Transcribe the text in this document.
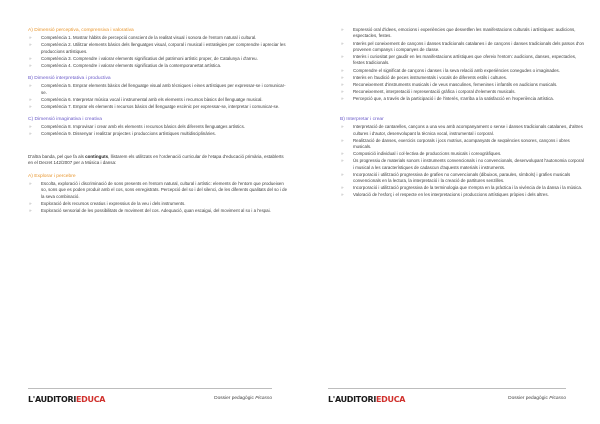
A) Dimensió perceptiva, comprensiva i valorativa
» Competència 1. Mostrar hàbits de percepció conscient de la realitat visual i sonora de l'entorn natural i cultural.
» Competència 2. Utilitzar elements bàsics dels llenguatges visual, corporal i musical i estratègies per comprendre i apreciar les produccions artístiques.
» Competència 3. Comprendre i valorar elements significatius del patrimoni artístic proper, de Catalunya i d'arreu.
» Competència 4. Comprendre i valorar elements significatius de la contemporaneïtat artística.
B) Dimensió interpretativa i productiva
» Competència 5. Emprar elements bàsics del llenguatge visual amb tècniques i eines artístiques per expressar-se i comunicar-se.
» Competència 6. Interpretar música vocal i instrumental amb els elements i recursos bàsics del llenguatge musical.
» Competència 7. Emprar els elements i recursos bàsics del llenguatge escènic per expressar-se, interpretar i comunicar-se.
C) Dimensió imaginativa i creativa
» Competència 8. Improvisar i crear amb els elements i recursos bàsics dels diferents llenguatges artístics.
» Competència 9. Dissenyar i realitzar projectes i produccions artístiques multidisciplinàries.
D'altra banda, pel que fa als continguts, llistarem els utilitzats en l'ordenació curricular de l'etapa d'educació primària, establerts en el Decret 142/2007 per a Música i dansa:
A) Explorar i percebre
» Escolta, exploració i discriminació de sons presents en l'entorn natural, cultural i artístic: elements de l'entorn que produeixen so, sons que es poden produir amb el cos, sons enregistrats. Percepció del so i del silenci, de les diferents qualitats del so i de la seva combinació.
» Exploració dels recursos creatius i expressius de la veu i dels instruments.
» Exploració sensorial de les possibilitats de moviment del cos. Adequació, quan escaigui, del moviment al so i a l'espai.
L'AUDITORIEDUCA	Dossier pedagògic Picasso
» Expressió oral d'idees, emocions i experiències que desvetllen les manifestacions culturals i artístiques: audicions, espectacles, festes.
» Interès pel coneixement de cançons i danses tradicionals catalanes i de cançons i danses tradicionals dels països d'on provenen companys i companyes de classe.
» Interès i curiositat per gaudir en les manifestacions artístiques que ofereix l'entorn: audicions, danses, espectacles, festes tradicionals.
» Comprendre el significat de cançons i danses i la seva relació amb experiències conegudes o imaginades.
» Interès en l'audició de peces instrumentals i vocals de diferents estils i cultures.
» Reconeixement d'instruments musicals i de veus masculines, femenines i infantils en audicions musicals.
» Reconeixement, interpretació i representació gràfica i corporal d'elements musicals.
» Percepció que, a través de la participació i de l'interès, s'arriba a la satisfacció en l'experiència artística.
B) Interpretar i crear
» Interpretació de cantarelles, cançons a una veu amb acompanyament o sense i danses tradicionals catalanes, d'altres cultures i d'autor, desenvolupant la tècnica vocal, instrumental i corporal.
» Realització de danses, exercicis corporals i jocs motrius, acompanyats de seqüències sonores, cançons i obres musicals.
» Composició individual i col·lectiva de produccions musicals i coreogràfiques.
» Ús progressiu de materials sonors i instruments convencionals i no convencionals, desenvolupant l'autonomia corporal i musical a les característiques de cadascun d'aquests materials i instruments.
» Incorporació i utilització progressiva de grafies no convencionals (dibuixos, paraules, símbols) i grafies musicals convencionals en la lectura, la interpretació i la creació de partitures senzilles.
» Incorporació i utilització progressiva de la terminologia que s'empra en la pràctica i la vivència de la dansa i la música.
» Valoració de l'esforç i el respecte en les interpretacions i produccions artístiques pròpies i dels altres.
L'AUDITORIEDUCA	Dossier pedagògic Picasso
